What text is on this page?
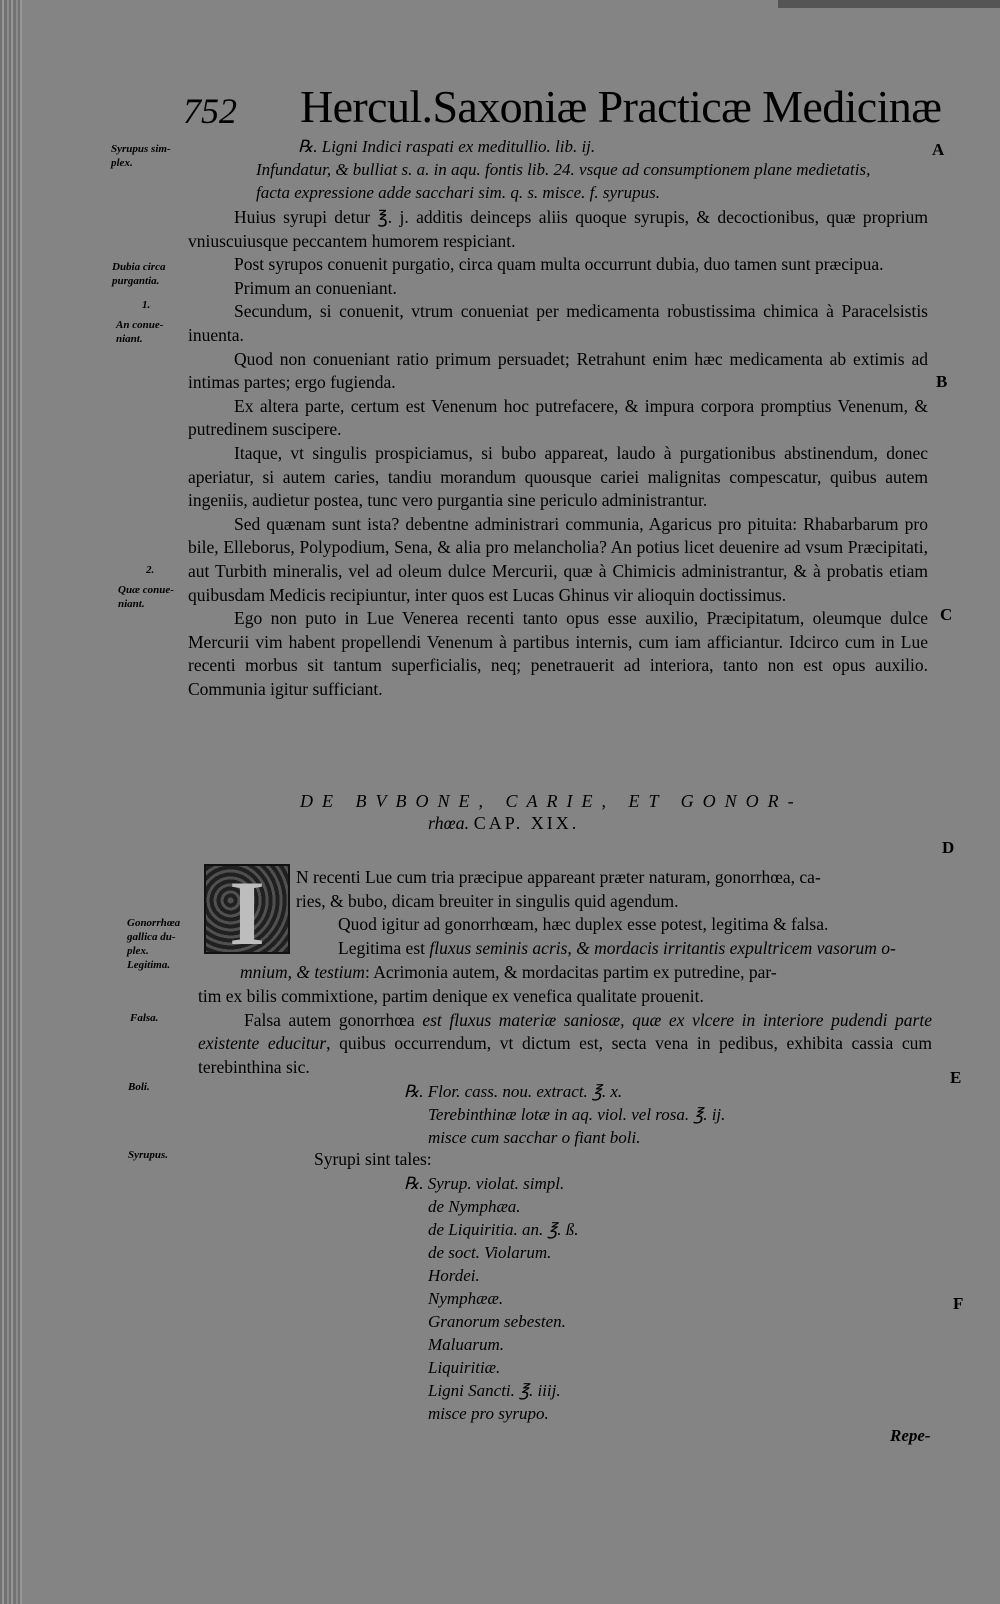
752 Hercul.Saxoniæ Practicæ Medicinæ
Syrupus sim-
plex.
Dubia circa
purgantia.
1.
An conue-
niant.
2.
Quæ conue-
niant.
Gonorrhœa
gallica du-
plex.
Legitima.
Falsa.
Boli.
Syrupus.
A
B
C
D
E
F
℞. Ligni Indici raspati ex meditullio. lib. ij.
Infundatur, & bulliat s. a. in aqu. fontis lib. 24. vsque ad consumptionem plane medietatis,
facta expressione adde sacchari sim. q. s. misce. f. syrupus.

Huius syrupi detur ℥. j. additis deinceps aliis quoque syrupis, & decoctionibus, quæ proprium vniuscuiusque peccantem humorem respiciant.

Post syrupos conuenit purgatio, circa quam multa occurrunt dubia, duo tamen sunt præcipua.

Primum an conueniant.

Secundum, si conuenit, vtrum conueniat per medicamenta robustissima chimica à Paracelsistis inuenta.

Quod non conueniant ratio primum persuadet; Retrahunt enim hæc medicamenta ab extimis ad intimas partes; ergo fugienda.

Ex altera parte, certum est Venenum hoc putrefacere, & impura corpora promptius Venenum, & putredinem suscipere.

Itaque, vt singulis prospiciamus, si bubo appareat, laudo à purgationibus abstinendum, donec aperiatur, si autem caries, tandiu morandum quousque cariei malignitas compescatur, quibus autem ingeniis, audietur postea, tunc vero purgantia sine periculo administrantur.

Sed quænam sunt ista? debentne administrari communia, Agaricus pro pituita: Rhabarbarum pro bile, Elleborus, Polypodium, Sena, & alia pro melancholia? An potius licet deuenire ad vsum Præcipitati, aut Turbith mineralis, vel ad oleum dulce Mercurii, quæ à Chimicis administrantur, & à probatis etiam quibusdam Medicis recipiuntur, inter quos est Lucas Ghinus vir alioquin doctissimus.

Ego non puto in Lue Venerea recenti tanto opus esse auxilio, Præcipitatum, oleumque dulce Mercurii vim habent propellendi Venenum à partibus internis, cum iam afficiantur. Idcirco cum in Lue recenti morbus sit tantum superficialis, neq; penetrauerit ad interiora, tanto non est opus auxilio. Communia igitur sufficiant.

DE BVBONE, CARIE, ET GONOR-
rhœa. CAP. XIX.
I	N recenti Lue cum tria præcipue appareant præter naturam, gonorrhœa, ca-

ries, & bubo, dicam breuiter in singulis quid agendum.

Quod igitur ad gonorrhœam, hæc duplex esse potest, legitima & falsa.

Legitima est fluxus seminis acris, & mordacis irritantis expultricem vasorum o-

mnium, & testium: Acrimonia autem, & mordacitas partim ex putredine, par-

tim ex bilis commixtione, partim denique ex venefica qualitate prouenit.

Falsa autem gonorrhœa est fluxus materiæ saniosæ, quæ ex vlcere in interiore pudendi parte existente educitur, quibus occurrendum, vt dictum est, secta vena in pedibus, exhibita cassia cum terebinthina sic.

℞. Flor. cass. nou. extract. ℥. x.
Terebinthinæ lotæ in aq. viol. vel rosa. ℥. ij.
misce cum sacchar o fiant boli.

Syrupi sint tales:

℞. Syrup. violat. simpl.
de Nymphæa.
de Liquiritia. an. ℥. ß.
de soct. Violarum.
Hordei.
Nymphææ.
Granorum sebesten.
Maluarum.
Liquiritiæ.
Ligni Sancti. ℥. iiij.
misce pro syrupo.
Repe-
